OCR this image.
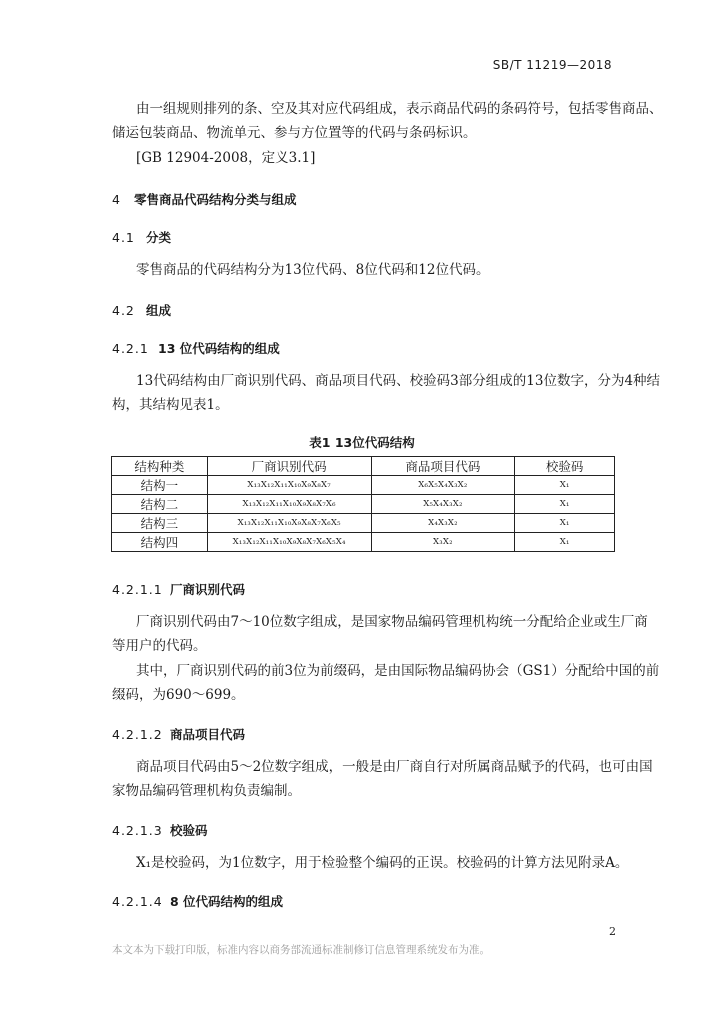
SB/T 11219—2018
由一组规则排列的条、空及其对应代码组成，表示商品代码的条码符号，包括零售商品、
储运包装商品、物流单元、参与方位置等的代码与条码标识。
[GB 12904-2008，定义3.1]
4 零售商品代码结构分类与组成
4.1 分类
零售商品的代码结构分为13位代码、8位代码和12位代码。
4.2 组成
4.2.1 13 位代码结构的组成
13代码结构由厂商识别代码、商品项目代码、校验码3部分组成的13位数字，分为4种结
构，其结构见表1。
表1 13位代码结构
结构种类	厂商识别代码	商品项目代码	校验码
结构一	X₁₃X₁₂X₁₁X₁₀X₉X₈X₇	X₆X₅X₄X₃X₂	X₁
结构二	X₁₃X₁₂X₁₁X₁₀X₉X₈X₇X₆	X₅X₄X₃X₂	X₁
结构三	X₁₃X₁₂X₁₁X₁₀X₉X₈X₇X₆X₅	X₄X₃X₂	X₁
结构四	X₁₃X₁₂X₁₁X₁₀X₉X₈X₇X₆X₅X₄	X₃X₂	X₁
4.2.1.1 厂商识别代码
厂商识别代码由7～10位数字组成，是国家物品编码管理机构统一分配给企业或生厂商
等用户的代码。
其中，厂商识别代码的前3位为前缀码，是由国际物品编码协会（GS1）分配给中国的前
缀码，为690～699。
4.2.1.2 商品项目代码
商品项目代码由5～2位数字组成，一般是由厂商自行对所属商品赋予的代码，也可由国
家物品编码管理机构负责编制。
4.2.1.3 校验码
X₁是校验码，为1位数字，用于检验整个编码的正误。校验码的计算方法见附录A。
4.2.1.4 8 位代码结构的组成
2
本文本为下载打印版，标准内容以商务部流通标准制修订信息管理系统发布为准。
